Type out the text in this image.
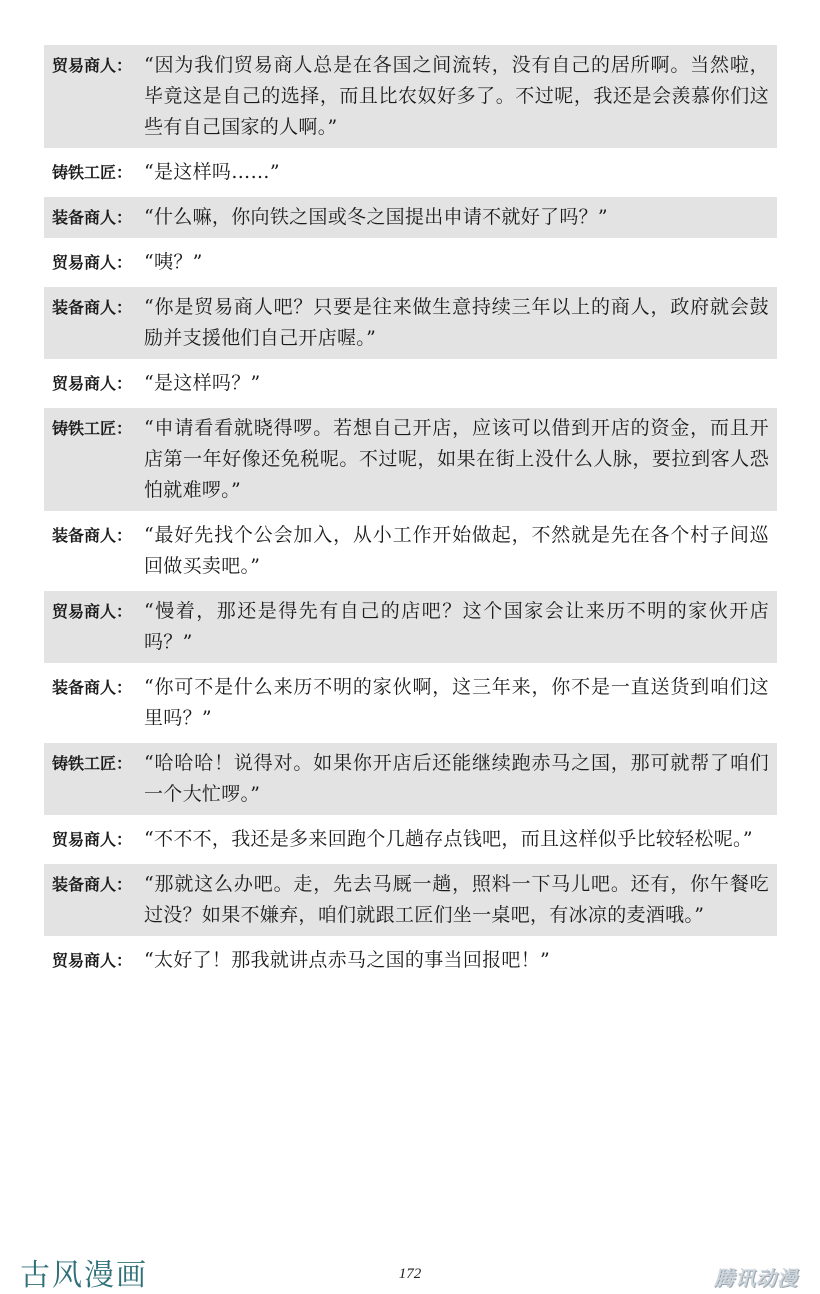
贸易商人： “因为我们贸易商人总是在各国之间流转，没有自己的居所啊。当然啦，毕竟这是自己的选择，而且比农奴好多了。不过呢，我还是会羡慕你们这些有自己国家的人啊。”
铸铁工匠： “是这样吗……”
装备商人： “什么嘛，你向铁之国或冬之国提出申请不就好了吗？”
贸易商人： “咦？”
装备商人： “你是贸易商人吧？只要是往来做生意持续三年以上的商人，政府就会鼓励并支援他们自己开店喔。”
贸易商人： “是这样吗？”
铸铁工匠： “申请看看就晓得啰。若想自己开店，应该可以借到开店的资金，而且开店第一年好像还免税呢。不过呢，如果在街上没什么人脉，要拉到客人恐怕就难啰。”
装备商人： “最好先找个公会加入，从小工作开始做起，不然就是先在各个村子间巡回做买卖吧。”
贸易商人： “慢着，那还是得先有自己的店吧？这个国家会让来历不明的家伙开店吗？”
装备商人： “你可不是什么来历不明的家伙啊，这三年来，你不是一直送货到咱们这里吗？”
铸铁工匠： “哈哈哈！说得对。如果你开店后还能继续跑赤马之国，那可就帮了咱们一个大忙啰。”
贸易商人： “不不不，我还是多来回跑个几趟存点钱吧，而且这样似乎比较轻松呢。”
装备商人： “那就这么办吧。走，先去马厩一趟，照料一下马儿吧。还有，你午餐吃过没？如果不嫌弃，咱们就跟工匠们坐一桌吧，有冰凉的麦酒哦。”
贸易商人： “太好了！那我就讲点赤马之国的事当回报吧！”
古风漫画	172	腾讯动漫
